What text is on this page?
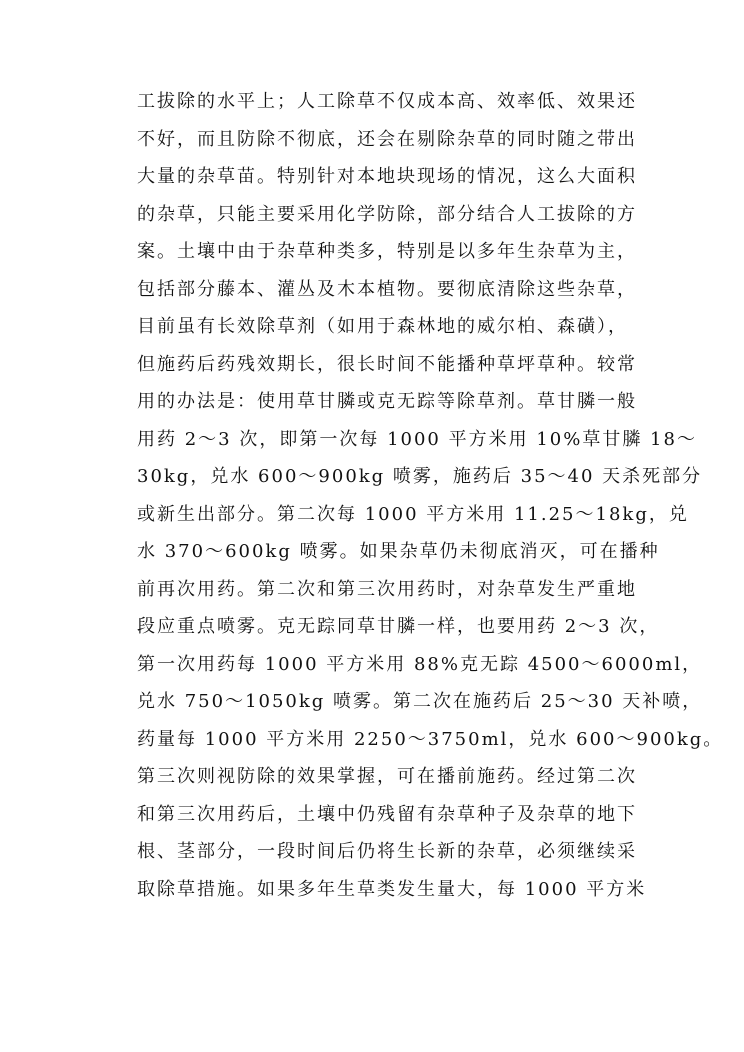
工拔除的水平上；人工除草不仅成本高、效率低、效果还
不好，而且防除不彻底，还会在剔除杂草的同时随之带出
大量的杂草苗。特别针对本地块现场的情况，这么大面积
的杂草，只能主要采用化学防除，部分结合人工拔除的方
案。土壤中由于杂草种类多，特别是以多年生杂草为主，
包括部分藤本、灌丛及木本植物。要彻底清除这些杂草，
目前虽有长效除草剂（如用于森林地的威尔柏、森磺），
但施药后药残效期长，很长时间不能播种草坪草种。较常
用的办法是：使用草甘膦或克无踪等除草剂。草甘膦一般
用药 2～3 次，即第一次每 1000 平方米用 10%草甘膦 18～
30kg，兑水 600～900kg 喷雾，施药后 35～40 天杀死部分
或新生出部分。第二次每 1000 平方米用 11.25～18kg，兑
水 370～600kg 喷雾。如果杂草仍未彻底消灭，可在播种
前再次用药。第二次和第三次用药时，对杂草发生严重地
段应重点喷雾。克无踪同草甘膦一样，也要用药 2～3 次，
第一次用药每 1000 平方米用 88%克无踪 4500～6000ml，
兑水 750～1050kg 喷雾。第二次在施药后 25～30 天补喷，
药量每 1000 平方米用 2250～3750ml，兑水 600～900kg。
第三次则视防除的效果掌握，可在播前施药。经过第二次
和第三次用药后，土壤中仍残留有杂草种子及杂草的地下
根、茎部分，一段时间后仍将生长新的杂草，必须继续采
取除草措施。如果多年生草类发生量大，每 1000 平方米
